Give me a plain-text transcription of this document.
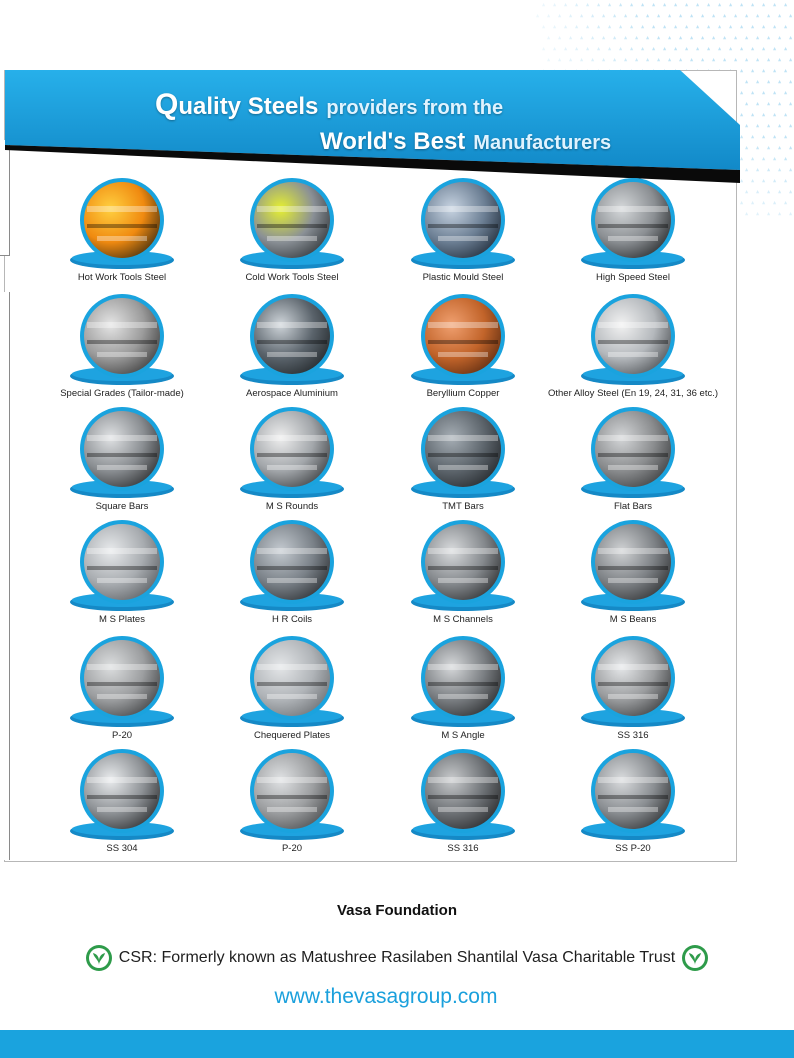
Quality Steels providers from the
World's Best Manufacturers
Hot Work Tools Steel	Cold Work Tools Steel	Plastic Mould Steel	High Speed Steel
Special Grades (Tailor-made)	Aerospace Aluminium	Beryllium Copper	Other Alloy Steel (En 19, 24, 31, 36 etc.)
Square Bars	M S Rounds	TMT Bars	Flat Bars
M S Plates	H R Coils	M S Channels	M S Beans
P-20	Chequered Plates	M S Angle	SS 316
SS 304	P-20	SS 316	SS P-20
Vasa Foundation
CSR: Formerly known as Matushree Rasilaben Shantilal Vasa Charitable Trust
www.thevasagroup.com
